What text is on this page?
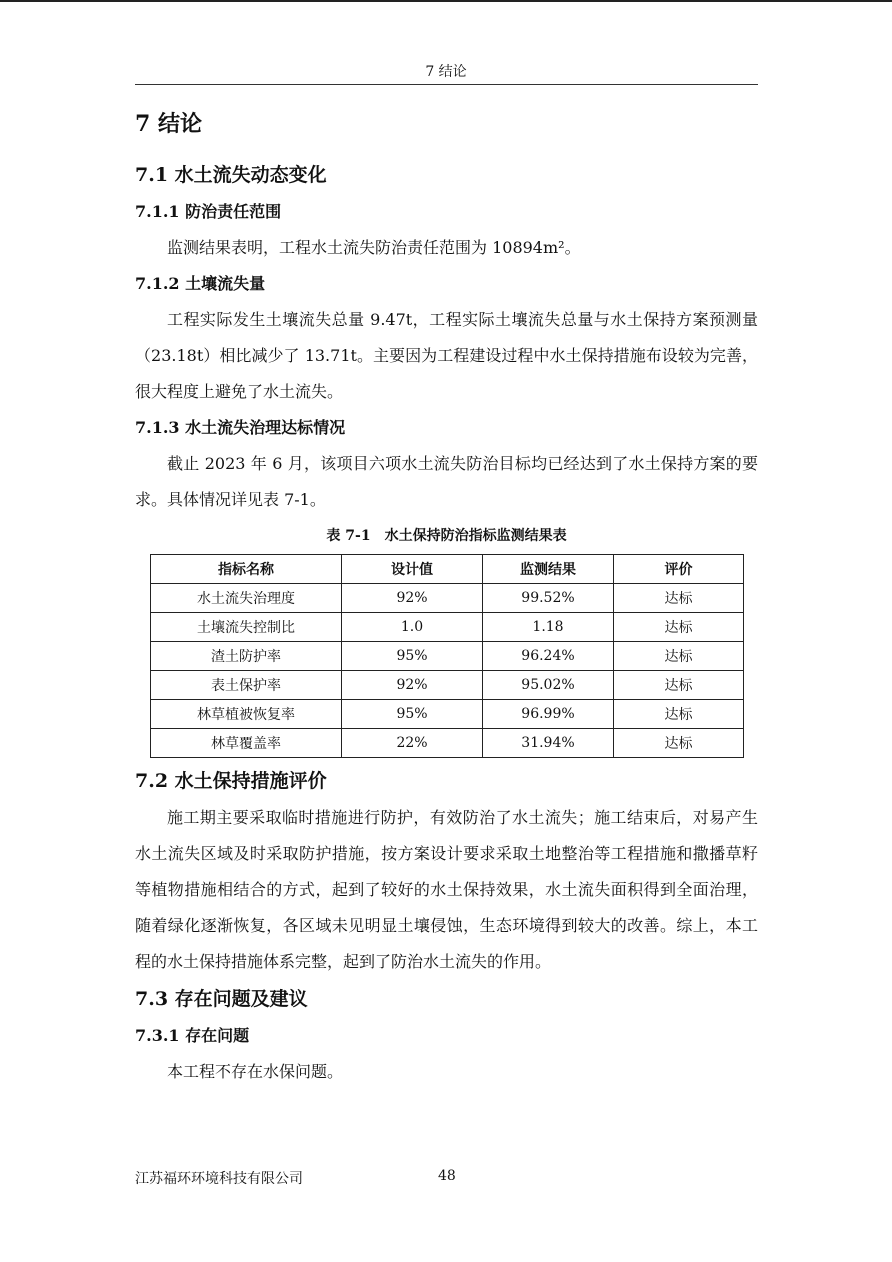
7 结论
7 结论
7.1 水土流失动态变化
7.1.1 防治责任范围

监测结果表明，工程水土流失防治责任范围为 10894m²。

7.1.2 土壤流失量

工程实际发生土壤流失总量 9.47t，工程实际土壤流失总量与水土保持方案预测量（23.18t）相比减少了 13.71t。主要因为工程建设过程中水土保持措施布设较为完善，很大程度上避免了水土流失。

7.1.3 水土流失治理达标情况

截止 2023 年 6 月，该项目六项水土流失防治目标均已经达到了水土保持方案的要求。具体情况详见表 7-1。

表 7-1　水土保持防治指标监测结果表
指标名称	设计值	监测结果	评价
水土流失治理度	92%	99.52%	达标
土壤流失控制比	1.0	1.18	达标
渣土防护率	95%	96.24%	达标
表土保护率	92%	95.02%	达标
林草植被恢复率	95%	96.99%	达标
林草覆盖率	22%	31.94%	达标
7.2 水土保持措施评价

施工期主要采取临时措施进行防护，有效防治了水土流失；施工结束后，对易产生水土流失区域及时采取防护措施，按方案设计要求采取土地整治等工程措施和撒播草籽等植物措施相结合的方式，起到了较好的水土保持效果，水土流失面积得到全面治理，随着绿化逐渐恢复，各区域未见明显土壤侵蚀，生态环境得到较大的改善。综上，本工程的水土保持措施体系完整，起到了防治水土流失的作用。

7.3 存在问题及建议
7.3.1 存在问题

本工程不存在水保问题。

江苏福环环境科技有限公司	48
